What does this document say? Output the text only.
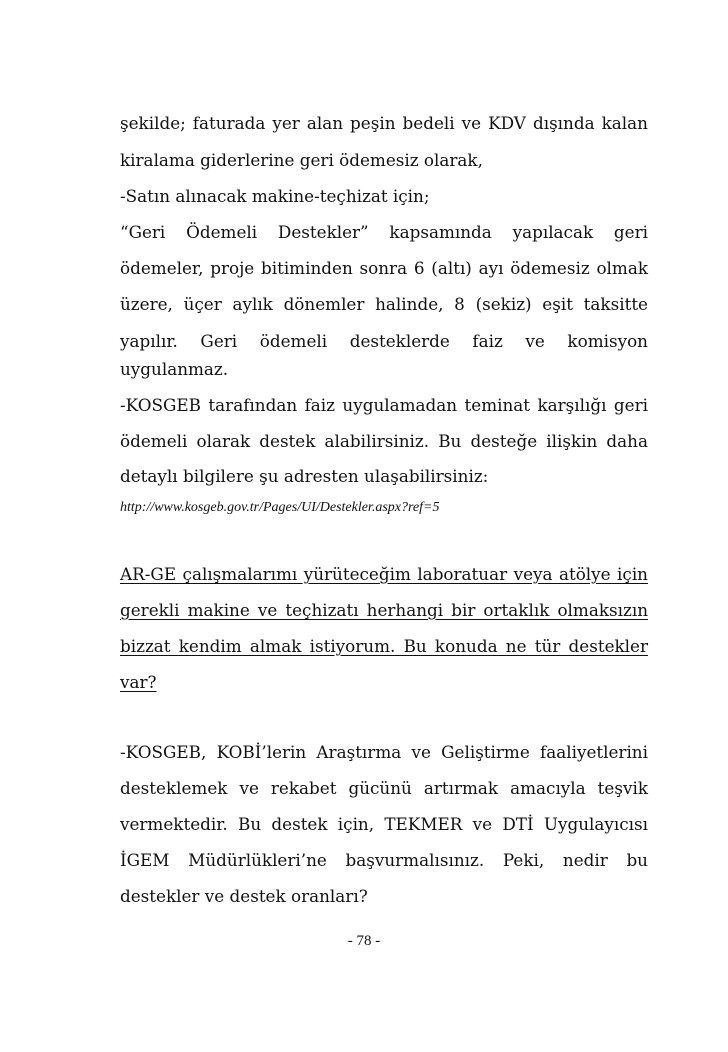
şekilde; faturada yer alan peşin bedeli ve KDV dışında kalan
kiralama giderlerine geri ödemesiz olarak,
-Satın alınacak makine-teçhizat için;
“Geri Ödemeli Destekler” kapsamında yapılacak geri
ödemeler, proje bitiminden sonra 6 (altı) ayı ödemesiz olmak
üzere, üçer aylık dönemler halinde, 8 (sekiz) eşit taksitte
yapılır. Geri ödemeli desteklerde faiz ve komisyon
uygulanmaz.
-KOSGEB tarafından faiz uygulamadan teminat karşılığı geri
ödemeli olarak destek alabilirsiniz. Bu desteğe ilişkin daha
detaylı bilgilere şu adresten ulaşabilirsiniz:
http://www.kosgeb.gov.tr/Pages/UI/Destekler.aspx?ref=5
AR-GE çalışmalarımı yürüteceğim laboratuar veya atölye için
gerekli makine ve teçhizatı herhangi bir ortaklık olmaksızın
bizzat kendim almak istiyorum. Bu konuda ne tür destekler
var?
-KOSGEB, KOBİ’lerin Araştırma ve Geliştirme faaliyetlerini
desteklemek ve rekabet gücünü artırmak amacıyla teşvik
vermektedir. Bu destek için, TEKMER ve DTİ Uygulayıcısı
İGEM Müdürlükleri’ne başvurmalısınız. Peki, nedir bu
destekler ve destek oranları?
- 78 -
